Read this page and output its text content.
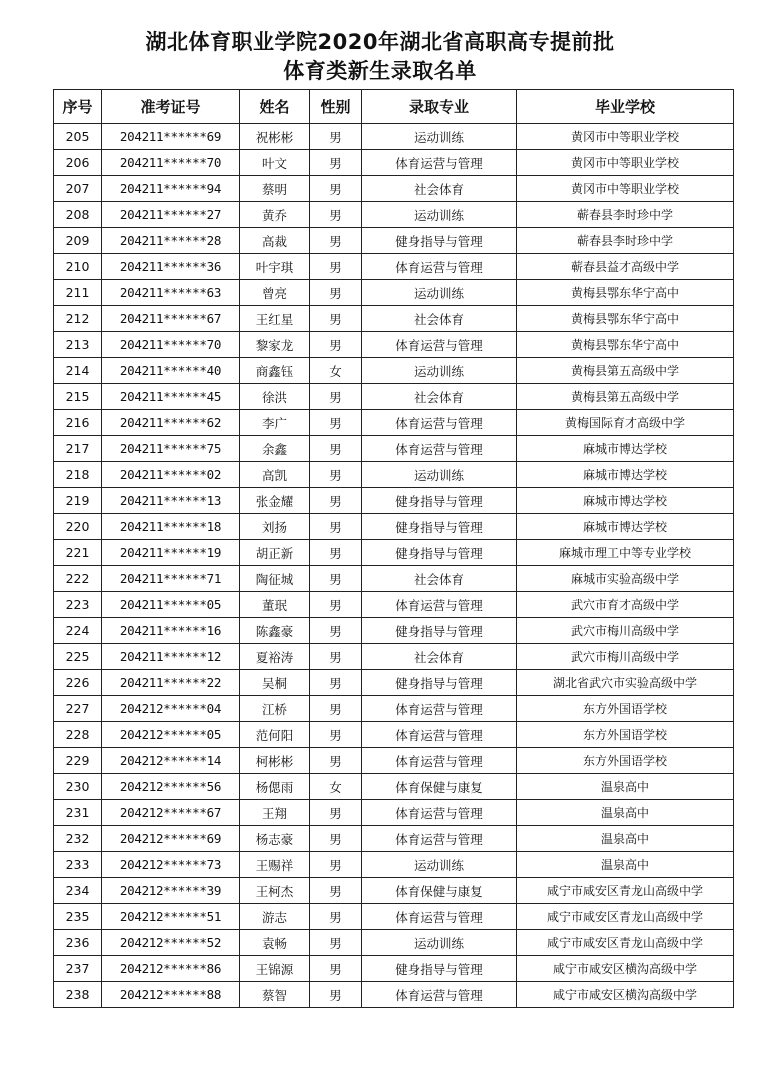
湖北体育职业学院2020年湖北省高职高专提前批
体育类新生录取名单
序号	准考证号	姓名	性别	录取专业	毕业学校
205	204211******69	祝彬彬	男	运动训练	黄冈市中等职业学校
206	204211******70	叶文	男	体育运营与管理	黄冈市中等职业学校
207	204211******94	蔡明	男	社会体育	黄冈市中等职业学校
208	204211******27	黄乔	男	运动训练	蕲春县李时珍中学
209	204211******28	高裁	男	健身指导与管理	蕲春县李时珍中学
210	204211******36	叶宇琪	男	体育运营与管理	蕲春县益才高级中学
211	204211******63	曾亮	男	运动训练	黄梅县鄂东华宁高中
212	204211******67	王红星	男	社会体育	黄梅县鄂东华宁高中
213	204211******70	黎家龙	男	体育运营与管理	黄梅县鄂东华宁高中
214	204211******40	商鑫钰	女	运动训练	黄梅县第五高级中学
215	204211******45	徐洪	男	社会体育	黄梅县第五高级中学
216	204211******62	李广	男	体育运营与管理	黄梅国际育才高级中学
217	204211******75	余鑫	男	体育运营与管理	麻城市博达学校
218	204211******02	高凯	男	运动训练	麻城市博达学校
219	204211******13	张金耀	男	健身指导与管理	麻城市博达学校
220	204211******18	刘扬	男	健身指导与管理	麻城市博达学校
221	204211******19	胡正新	男	健身指导与管理	麻城市理工中等专业学校
222	204211******71	陶征城	男	社会体育	麻城市实验高级中学
223	204211******05	董珉	男	体育运营与管理	武穴市育才高级中学
224	204211******16	陈鑫豪	男	健身指导与管理	武穴市梅川高级中学
225	204211******12	夏裕涛	男	社会体育	武穴市梅川高级中学
226	204211******22	吴桐	男	健身指导与管理	湖北省武穴市实验高级中学
227	204212******04	江桥	男	体育运营与管理	东方外国语学校
228	204212******05	范何阳	男	体育运营与管理	东方外国语学校
229	204212******14	柯彬彬	男	体育运营与管理	东方外国语学校
230	204212******56	杨偲雨	女	体育保健与康复	温泉高中
231	204212******67	王翔	男	体育运营与管理	温泉高中
232	204212******69	杨志豪	男	体育运营与管理	温泉高中
233	204212******73	王赐祥	男	运动训练	温泉高中
234	204212******39	王柯杰	男	体育保健与康复	咸宁市咸安区青龙山高级中学
235	204212******51	游志	男	体育运营与管理	咸宁市咸安区青龙山高级中学
236	204212******52	袁畅	男	运动训练	咸宁市咸安区青龙山高级中学
237	204212******86	王锦源	男	健身指导与管理	咸宁市咸安区横沟高级中学
238	204212******88	蔡智	男	体育运营与管理	咸宁市咸安区横沟高级中学
